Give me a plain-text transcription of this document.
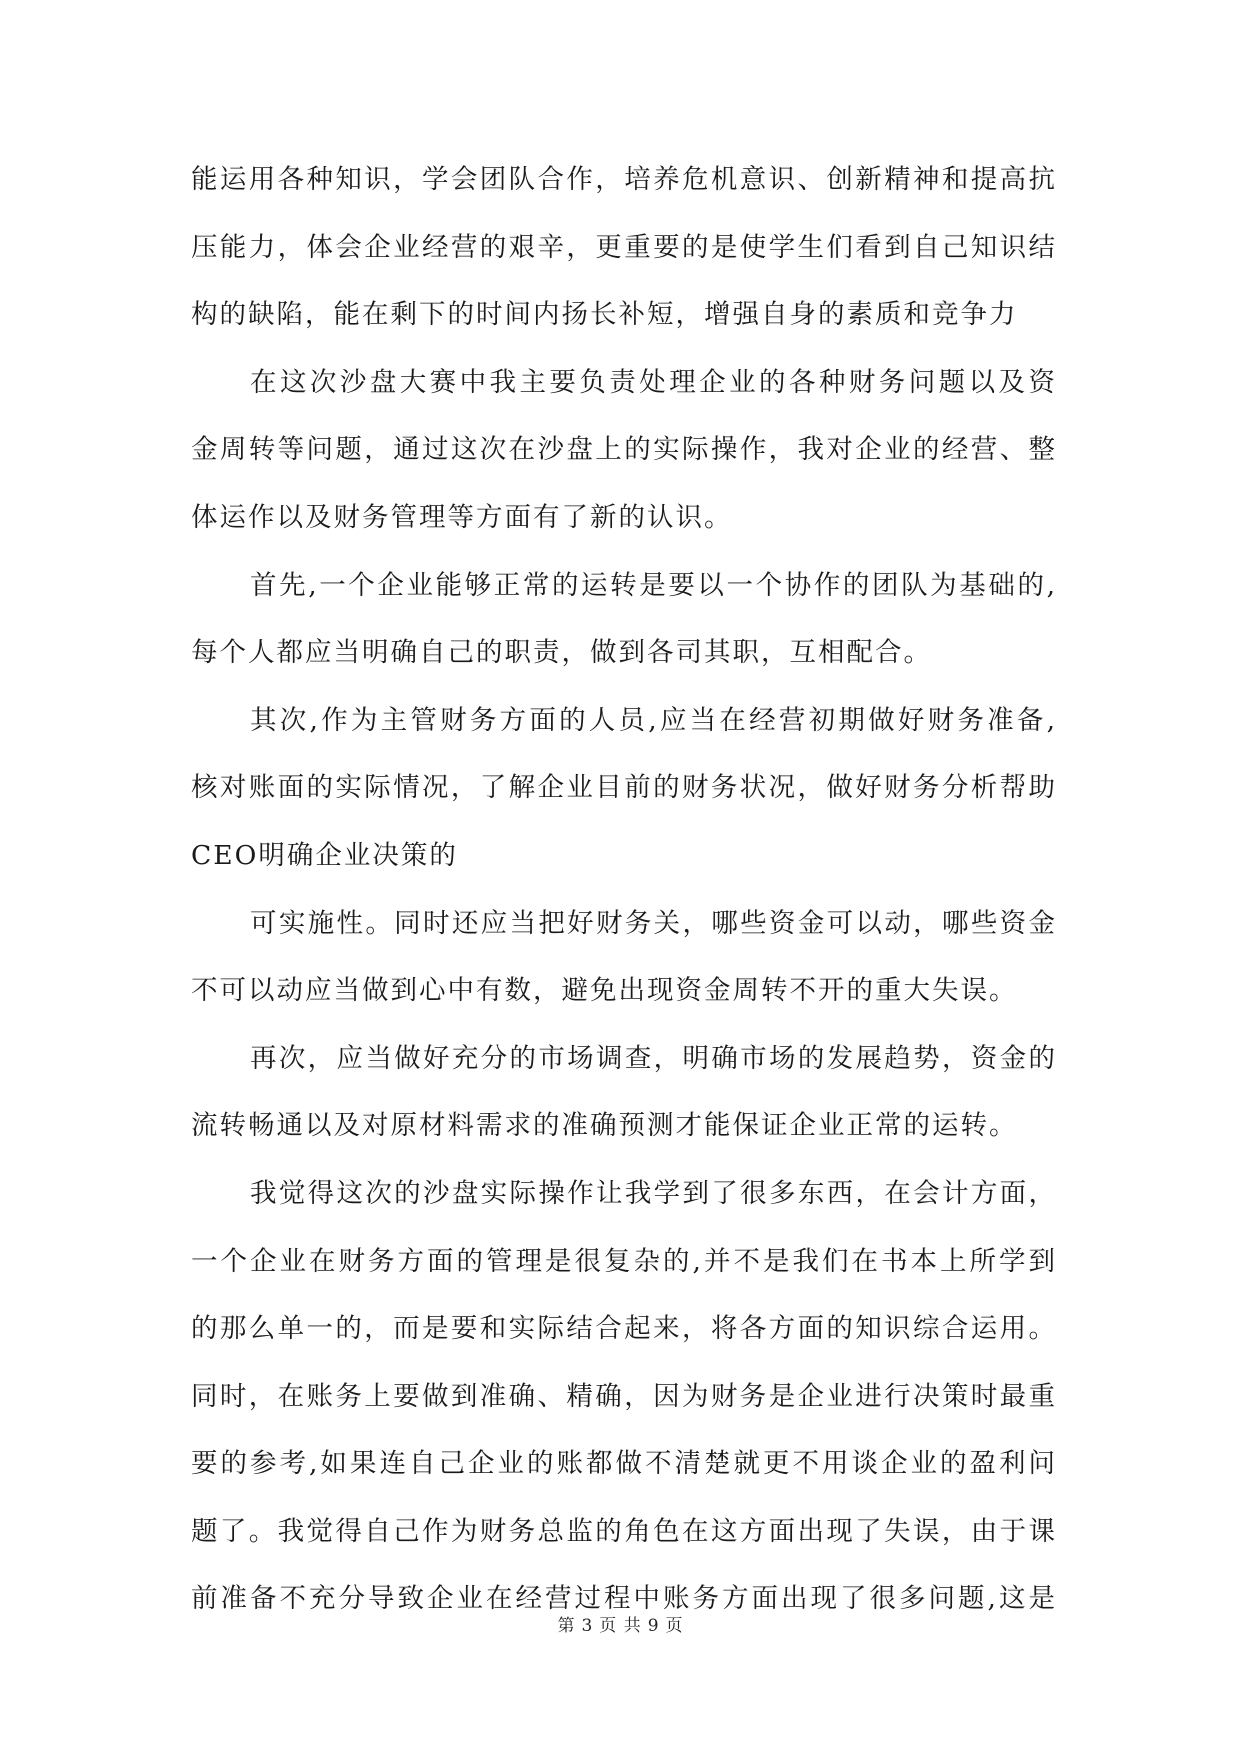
能运用各种知识，学会团队合作，培养危机意识、创新精神和提高抗
压能力，体会企业经营的艰辛，更重要的是使学生们看到自己知识结
构的缺陷，能在剩下的时间内扬长补短，增强自身的素质和竞争力
在这次沙盘大赛中我主要负责处理企业的各种财务问题以及资
金周转等问题，通过这次在沙盘上的实际操作，我对企业的经营、整
体运作以及财务管理等方面有了新的认识。
首先,一个企业能够正常的运转是要以一个协作的团队为基础的,
每个人都应当明确自己的职责，做到各司其职，互相配合。
其次,作为主管财务方面的人员,应当在经营初期做好财务准备,
核对账面的实际情况，了解企业目前的财务状况，做好财务分析帮助
CEO明确企业决策的
可实施性。同时还应当把好财务关，哪些资金可以动，哪些资金
不可以动应当做到心中有数，避免出现资金周转不开的重大失误。
再次，应当做好充分的市场调查，明确市场的发展趋势，资金的
流转畅通以及对原材料需求的准确预测才能保证企业正常的运转。
我觉得这次的沙盘实际操作让我学到了很多东西，在会计方面，
一个企业在财务方面的管理是很复杂的,并不是我们在书本上所学到
的那么单一的，而是要和实际结合起来，将各方面的知识综合运用。
同时，在账务上要做到准确、精确，因为财务是企业进行决策时最重
要的参考,如果连自己企业的账都做不清楚就更不用谈企业的盈利问
题了。我觉得自己作为财务总监的角色在这方面出现了失误，由于课
前准备不充分导致企业在经营过程中账务方面出现了很多问题,这是
第 3 页 共 9 页
